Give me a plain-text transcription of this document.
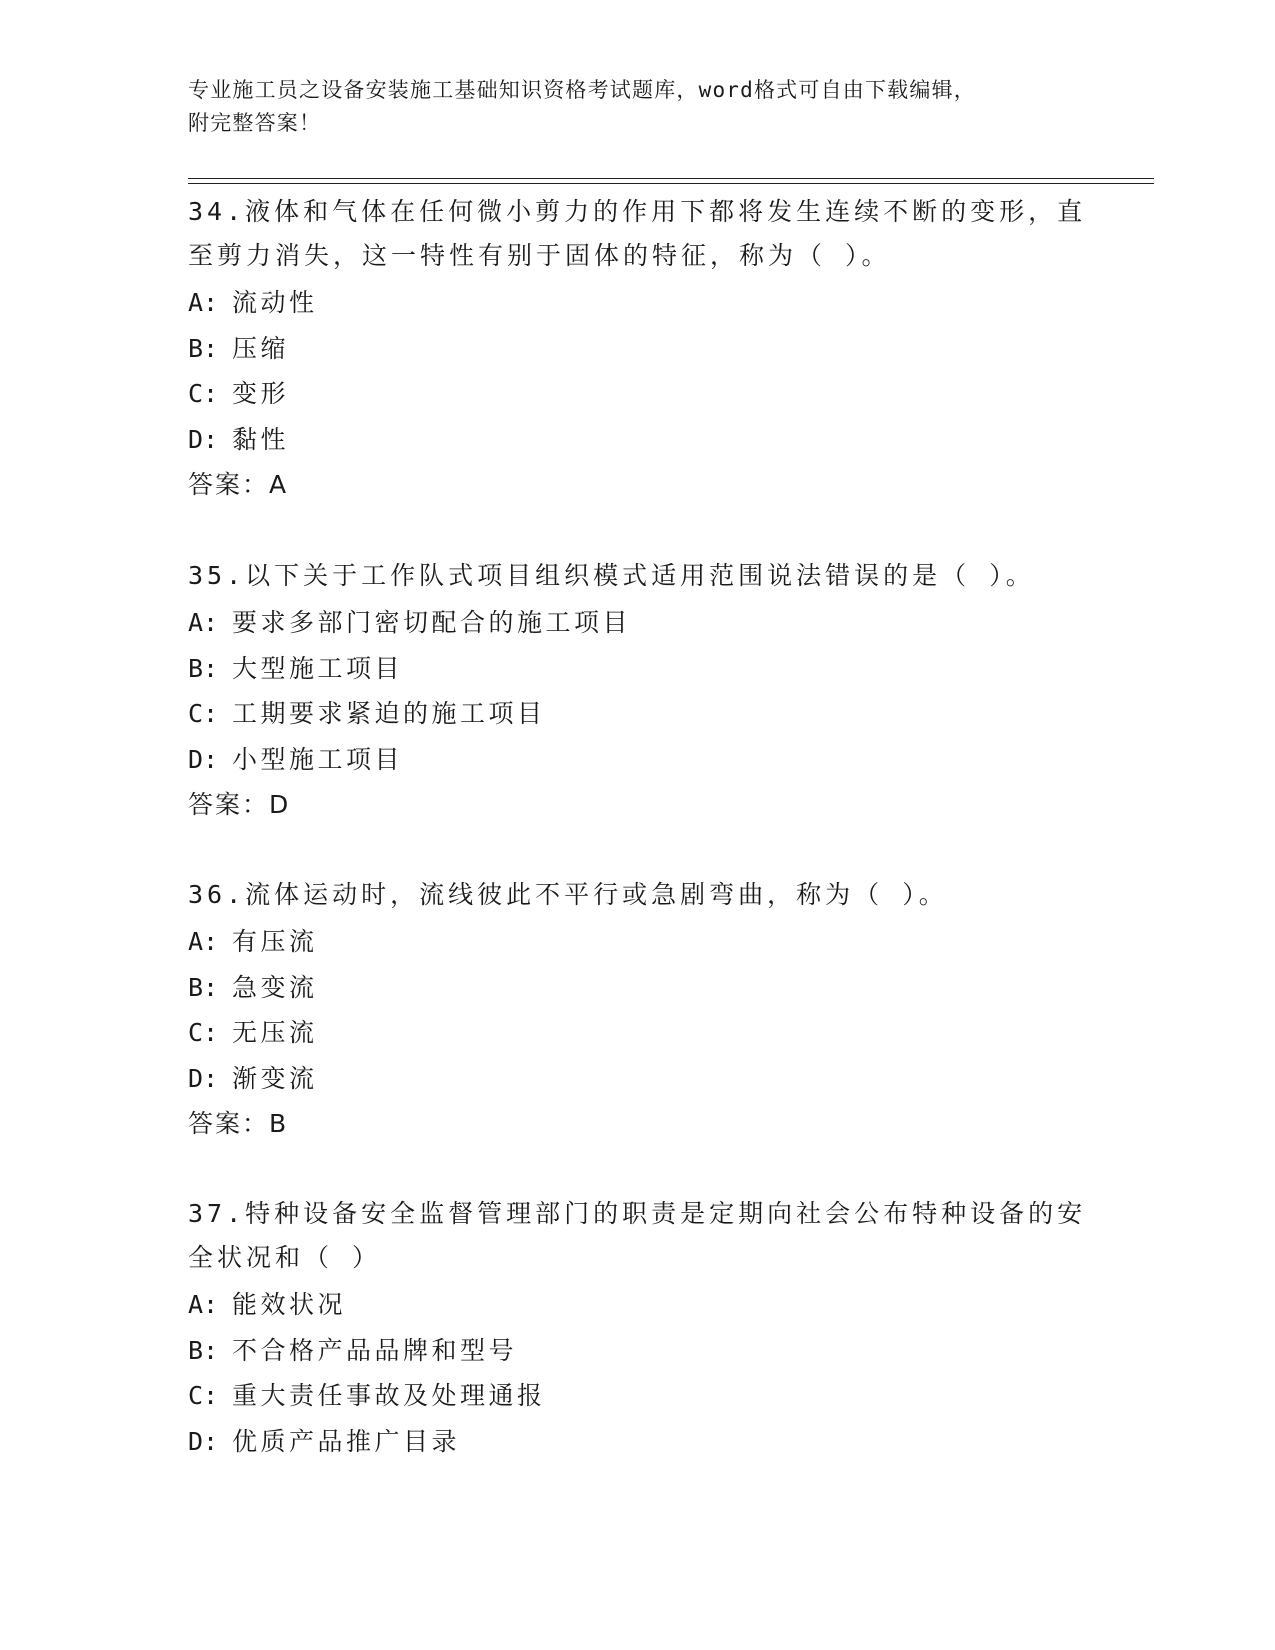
专业施工员之设备安装施工基础知识资格考试题库，word格式可自由下载编辑，
附完整答案！
34.液体和气体在任何微小剪力的作用下都将发生连续不断的变形，直至剪力消失，这一特性有别于固体的特征，称为（ ）。
A: 流动性
B: 压缩
C: 变形
D: 黏性
答案：A
35.以下关于工作队式项目组织模式适用范围说法错误的是（ ）。
A: 要求多部门密切配合的施工项目
B: 大型施工项目
C: 工期要求紧迫的施工项目
D: 小型施工项目
答案：D
36.流体运动时，流线彼此不平行或急剧弯曲，称为（ ）。
A: 有压流
B: 急变流
C: 无压流
D: 渐变流
答案：B
37.特种设备安全监督管理部门的职责是定期向社会公布特种设备的安全状况和（ ）
A: 能效状况
B: 不合格产品品牌和型号
C: 重大责任事故及处理通报
D: 优质产品推广目录
